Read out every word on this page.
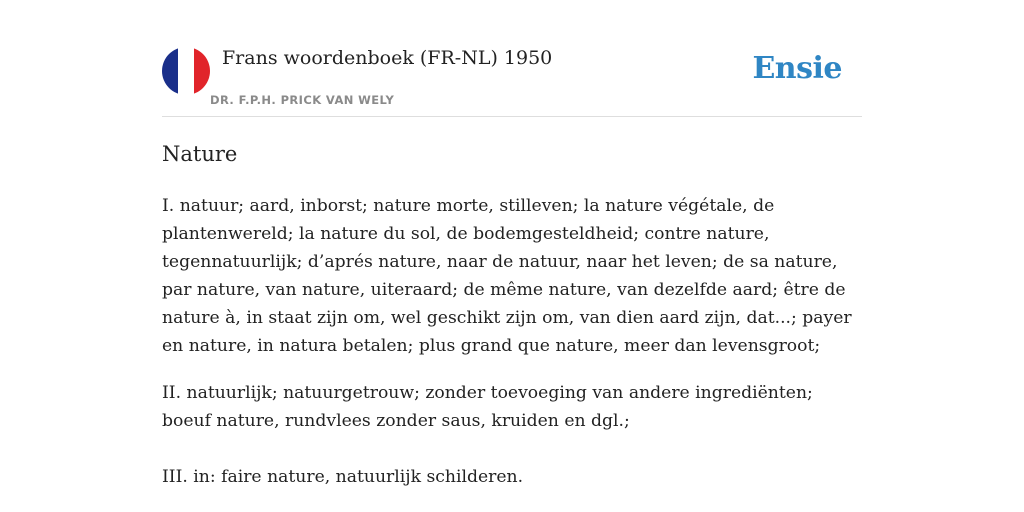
Frans woordenboek (FR-NL) 1950
DR. F.P.H. PRICK VAN WELY
Ensie
Nature

I. natuur; aard, inborst; nature morte, stilleven; la nature végétale, de plantenwereld; la nature du sol, de bodemgesteldheid; contre nature, tegennatuurlijk; d’aprés nature, naar de natuur, naar het leven; de sa nature, par nature, van nature, uiteraard; de même nature, van dezelfde aard; être de nature à, in staat zijn om, wel geschikt zijn om, van dien aard zijn, dat...; payer en nature, in natura betalen; plus grand que nature, meer dan levensgroot;

II. natuurlijk; natuurgetrouw; zonder toevoeging van andere ingrediënten; boeuf nature, rundvlees zonder saus, kruiden en dgl.;

III. in: faire nature, natuurlijk schilderen.
